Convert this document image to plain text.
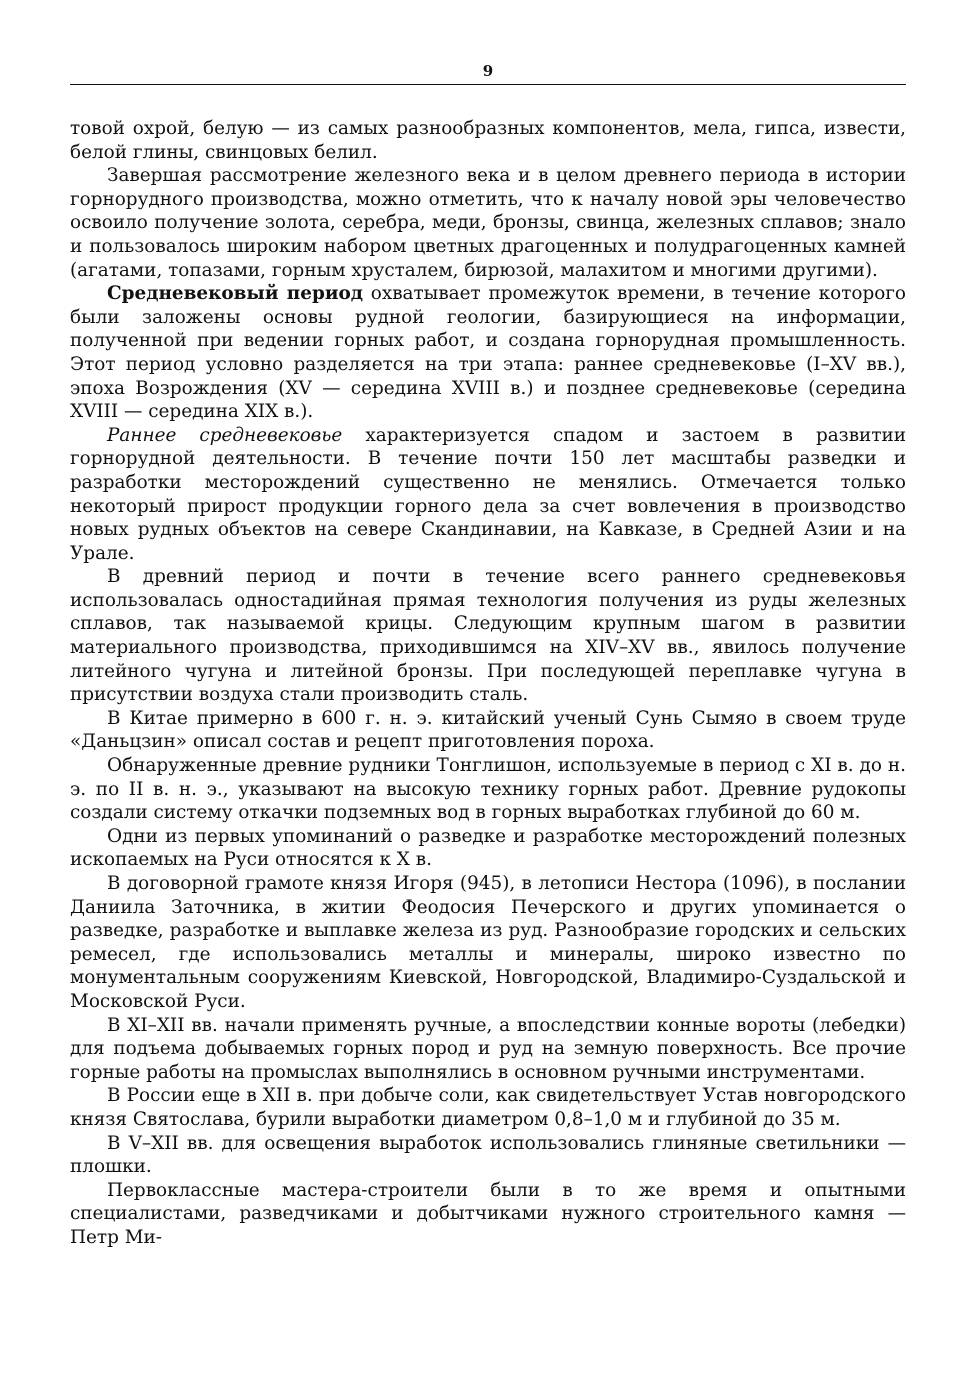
9

товой охрой, белую — из самых разнообразных компонентов, мела, гипса, извести, белой глины, свинцовых белил.

Завершая рассмотрение железного века и в целом древнего периода в истории горнорудного производства, можно отметить, что к началу новой эры человечество освоило получение золота, серебра, меди, бронзы, свинца, железных сплавов; знало и пользовалось широким набором цветных драгоценных и полудрагоценных камней (агатами, топазами, горным хрусталем, бирюзой, малахитом и многими другими).

Средневековый период охватывает промежуток времени, в течение которого были заложены основы рудной геологии, базирующиеся на информации, полученной при ведении горных работ, и создана горнорудная промышленность. Этот период условно разделяется на три этапа: раннее средневековье (I–XV вв.), эпоха Возрождения (XV — середина XVIII в.) и позднее средневековье (середина XVIII — середина XIX в.).

Раннее средневековье характеризуется спадом и застоем в развитии горнорудной деятельности. В течение почти 150 лет масштабы разведки и разработки месторождений существенно не менялись. Отмечается только некоторый прирост продукции горного дела за счет вовлечения в производство новых рудных объектов на севере Скандинавии, на Кавказе, в Средней Азии и на Урале.

В древний период и почти в течение всего раннего средневековья использовалась одностадийная прямая технология получения из руды железных сплавов, так называемой крицы. Следующим крупным шагом в развитии материального производства, приходившимся на XIV–XV вв., явилось получение литейного чугуна и литейной бронзы. При последующей переплавке чугуна в присутствии воздуха стали производить сталь.

В Китае примерно в 600 г. н. э. китайский ученый Сунь Сымяо в своем труде «Даньцзин» описал состав и рецепт приготовления пороха.

Обнаруженные древние рудники Тонглишон, используемые в период с XI в. до н. э. по II в. н. э., указывают на высокую технику горных работ. Древние рудокопы создали систему откачки подземных вод в горных выработках глубиной до 60 м.

Одни из первых упоминаний о разведке и разработке месторождений полезных ископаемых на Руси относятся к X в.

В договорной грамоте князя Игоря (945), в летописи Нестора (1096), в послании Даниила Заточника, в житии Феодосия Печерского и других упоминается о разведке, разработке и выплавке железа из руд. Разнообразие городских и сельских ремесел, где использовались металлы и минералы, широко известно по монументальным сооружениям Киевской, Новгородской, Владимиро-Суздальской и Московской Руси.

В XI–XII вв. начали применять ручные, а впоследствии конные вороты (лебедки) для подъема добываемых горных пород и руд на земную поверхность. Все прочие горные работы на промыслах выполнялись в основном ручными инструментами.

В России еще в XII в. при добыче соли, как свидетельствует Устав новгородского князя Святослава, бурили выработки диаметром 0,8–1,0 м и глубиной до 35 м.

В V–XII вв. для освещения выработок использовались глиняные светильники — плошки.

Первоклассные мастера-строители были в то же время и опытными специалистами, разведчиками и добытчиками нужного строительного камня — Петр Ми-
